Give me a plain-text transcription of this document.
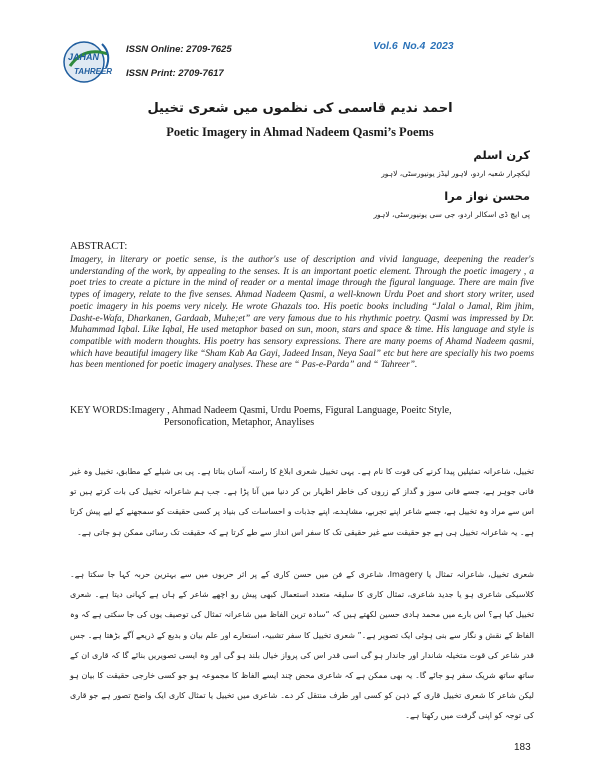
JAHAN
TAHREER
ISSN Online: 2709-7625
ISSN Print: 2709-7617
Vol.6 No.4 2023
احمد ندیم قاسمی کی نظموں میں شعری تخییل
Poetic Imagery in Ahmad Nadeem Qasmi’s Poems
کرن اسلم
لیکچرار شعبہ اردو، لاہور لیڈز یونیورسٹی، لاہور
محسن نواز مرا
پی ایچ ڈی اسکالر اردو، جی سی یونیورسٹی، لاہور
ABSTRACT:
Imagery, in literary or poetic sense, is the author's use of description and vivid language, deepening the reader's understanding of the work, by appealing to the senses. It is an important poetic element. Through the poetic imagery , a poet tries to create a picture in the mind of reader or a mental image through the figural language. There are main five types of imagery, relate to the five senses. Ahmad Nadeem Qasmi, a well-known Urdu Poet and short story writer, used poetic imagery in his poems very nicely. He wrote Ghazals too. His poetic books including “Jalal o Jamal, Rim jhim, Dasht-e-Wafa, Dharkanen, Gardaab, Muhe;et” are very famous due to his rhythmic poetry. Qasmi was impressed by Dr. Muhammad Iqbal. Like Iqbal, He used metaphor based on sun, moon, stars and space & time. His language and style is compatible with modern thoughts. His poetry has sensory expressions. There are many poems of Ahamd Nadeem qasmi, which have beautiful imagery like “Sham Kab Aa Gayi, Jadeed Insan, Neya Saal” etc but here are specially his two poems has been mentioned for poetic imagery analyses. These are “ Pas-e-Parda” and “ Tahreer”.
KEY WORDS:Imagery , Ahmad Nadeem Qasmi, Urdu Poems, Figural Language, Poeitc Style,
Personofication, Metaphor, Anaylises
تخییل، شاعرانہ تمثیلیں پیدا کرنے کی قوت کا نام ہے۔ یہی تخییل شعری ابلاغ کا راستہ آسان بناتا ہے۔ پی بی شیلے کے مطابق، تخییل وہ غیر فانی جوہر ہے، جسے فانی سوز و گداز کے زروں کی خاطر اظہار بن کر دنیا میں آنا پڑا ہے۔ جب ہم شاعرانہ تخییل کی بات کرتے ہیں تو اس سے مراد وہ تخییل ہے، جسے شاعر اپنے تجربے، مشاہدے، اپنے جذبات و احساسات کی بنیاد پر کسی حقیقت کو سمجھنے کے لیے پیش کرتا ہے۔ یہ شاعرانہ تخییل ہی ہے جو حقیقت سے غیر حقیقی تک کا سفر اس انداز سے طے کرتا ہے کہ حقیقت تک رسائی ممکن ہو جاتی ہے۔
شعری تخییل، شاعرانہ تمثال یا Imagery، شاعری کے فن میں حسن کاری کے پر اثر حربوں میں سے بہترین حربہ کہا جا سکتا ہے۔ کلاسیکی شاعری ہو یا جدید شاعری، تمثال کاری کا سلیقہ متعدد استعمال کبھی پیش رو اچھے شاعر کے ہاں ہے کہانی دیتا ہے۔ شعری تخییل کیا ہے؟ اس بارے میں محمد ہادی حسین لکھتے ہیں کہ “سادہ ترین الفاظ میں شاعرانہ تمثال کی توصیف یوں کی جا سکتی ہے کہ وہ الفاظ کے نقش و نگار سے بنی ہوئی ایک تصویر ہے۔” شعری تخییل کا سفر تشبیہ، استعارے اور علم بیان و بدیع کے ذریعے آگے بڑھتا ہے۔ جس قدر شاعر کی قوت متخیلہ شاندار اور جاندار ہو گی اسی قدر اس کی پرواز خیال بلند ہو گی اور وہ ایسی تصویریں بنائے گا کہ قاری ان کے ساتھ ساتھ شریک سفر ہو جائے گا۔ یہ بھی ممکن ہے کہ شاعری محض چند ایسے الفاظ کا مجموعہ ہو جو کسی خارجی حقیقت کا بیان ہو لیکن شاعر کا شعری تخییل قاری کے ذہن کو کسی اور طرف منتقل کر دے۔ شاعری میں تخییل یا تمثال کاری ایک واضح تصور ہے جو قاری کی توجہ کو اپنی گرفت میں رکھتا ہے۔
183
